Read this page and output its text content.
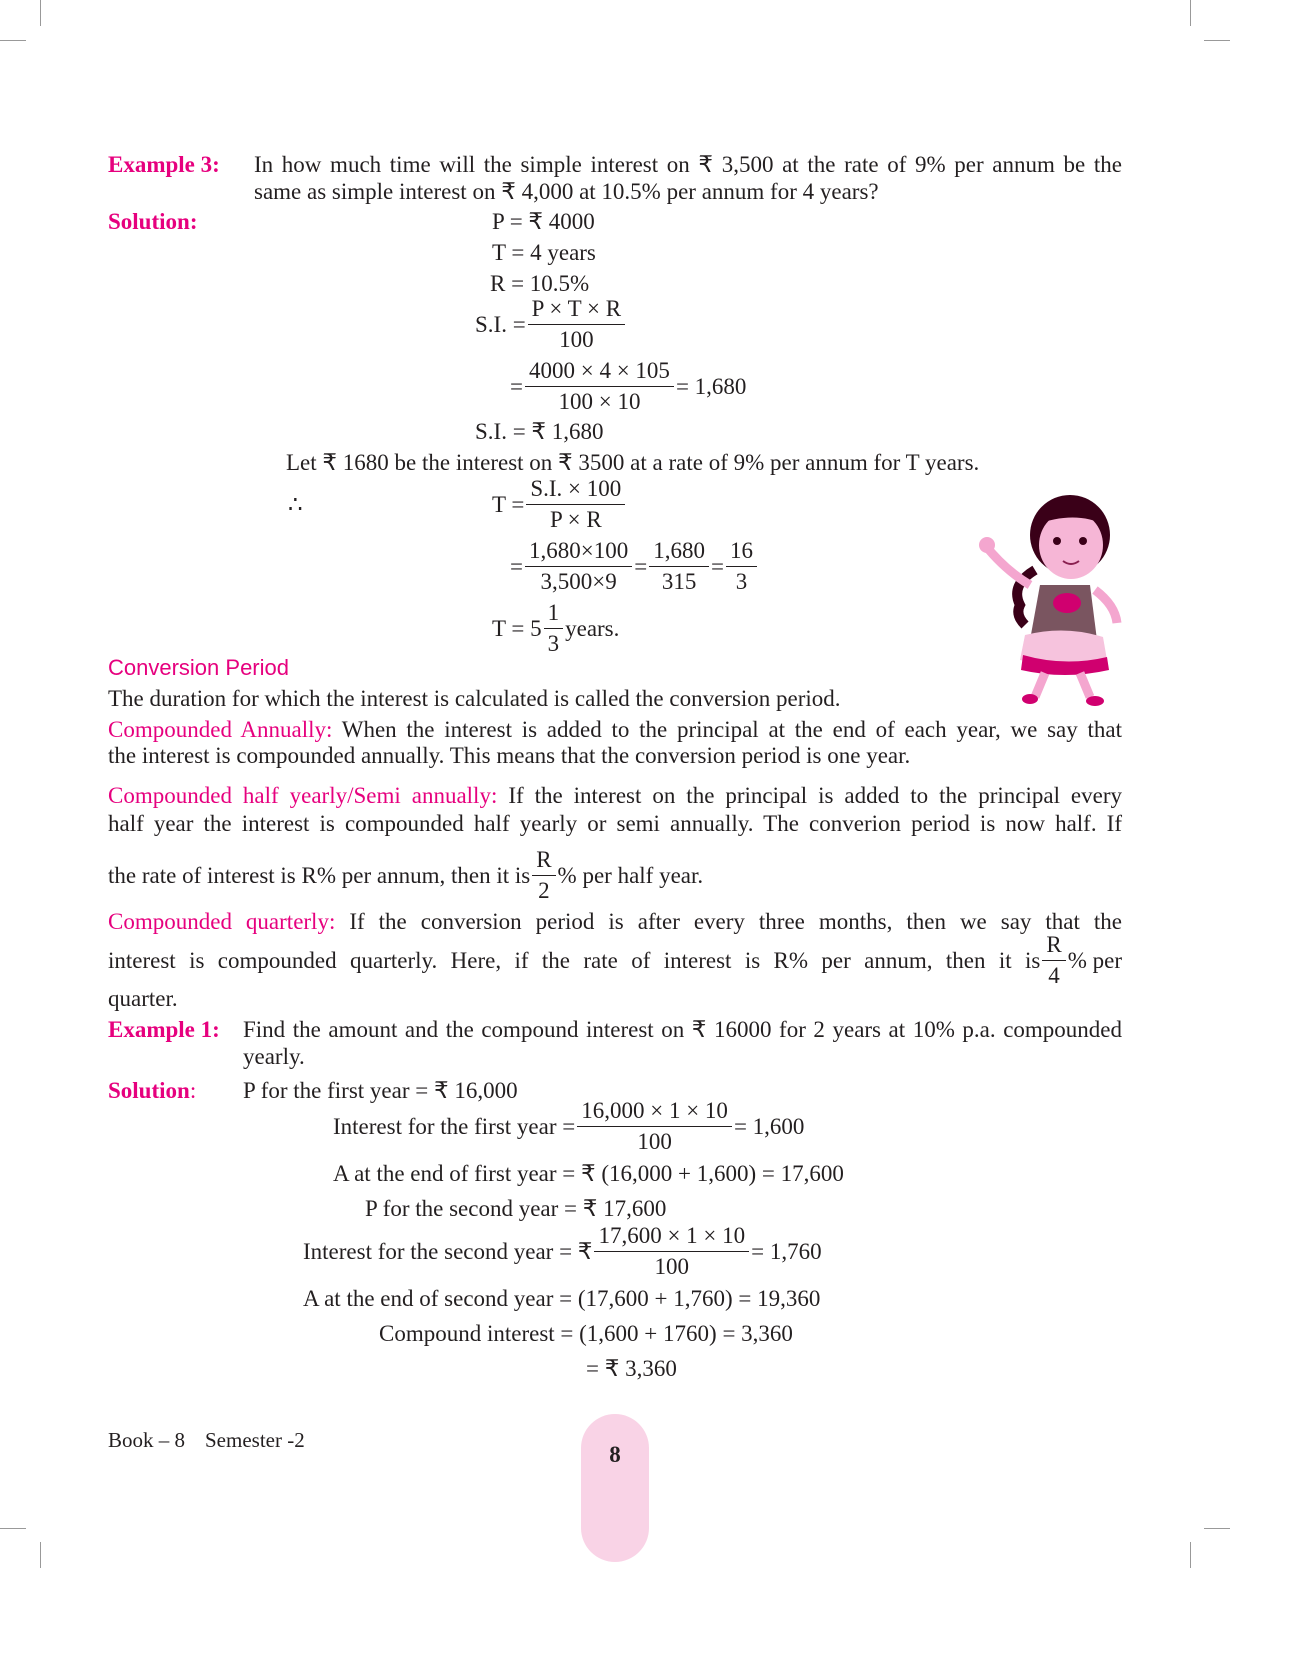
Example 3: In how much time will the simple interest on ₹ 3,500 at the rate of 9% per annum be the
same as simple interest on ₹ 4,000 at 10.5% per annum for 4 years?
Solution:	P = ₹ 4000
T = 4 years
R = 10.5%
S.I. = $\frac{P \times T \times R}{100}$
= $\frac{4000 \times 4 \times 105}{100 \times 10} = 1,680$
S.I. = ₹ 1,680
Let ₹ 1680 be the interest on ₹ 3500 at a rate of 9% per annum for T years.
∴	$T = \frac{S.I. \times 100}{P \times R}$
= $\frac{1,680\times 100}{3,500\times 9} = \frac{1,680}{315} = \frac{16}{3}$
$T = 5 \frac{1}{3}$ years.
Conversion Period
The duration for which the interest is calculated is called the conversion period.
Compounded Annually: When the interest is added to the principal at the end of each year, we say that
the interest is compounded annually. This means that the conversion period is one year.
Compounded half yearly/Semi annually: If the interest on the principal is added to the principal every
half year the interest is compounded half yearly or semi annually. The converion period is now half. If
the rate of interest is R% per annum, then it is $\frac{R}{2}$ % per half year.
Compounded quarterly: If the conversion period is after every three months, then we say that the
interest is compounded quarterly. Here, if the rate of interest is R% per annum, then it is $\frac{R}{4}$ % per
quarter.
Example 1: Find the amount and the compound interest on ₹ 16000 for 2 years at 10% p.a. compounded
yearly.
Solution: P for the first year = ₹ 16,000
Interest for the first year = $\frac{16,000 \times 1 \times 10}{100} = 1,600$
A at the end of first year = ₹ (16,000 + 1,600) = 17,600
P for the second year = ₹ 17,600
Interest for the second year = ₹ $\frac{17,600 \times 1 \times 10}{100} = 1,760$
A at the end of second year = (17,600 + 1,760) = 19,360
Compound interest = (1,600 + 1760) = 3,360
= ₹ 3,360
Book – 8 Semester -2
8
